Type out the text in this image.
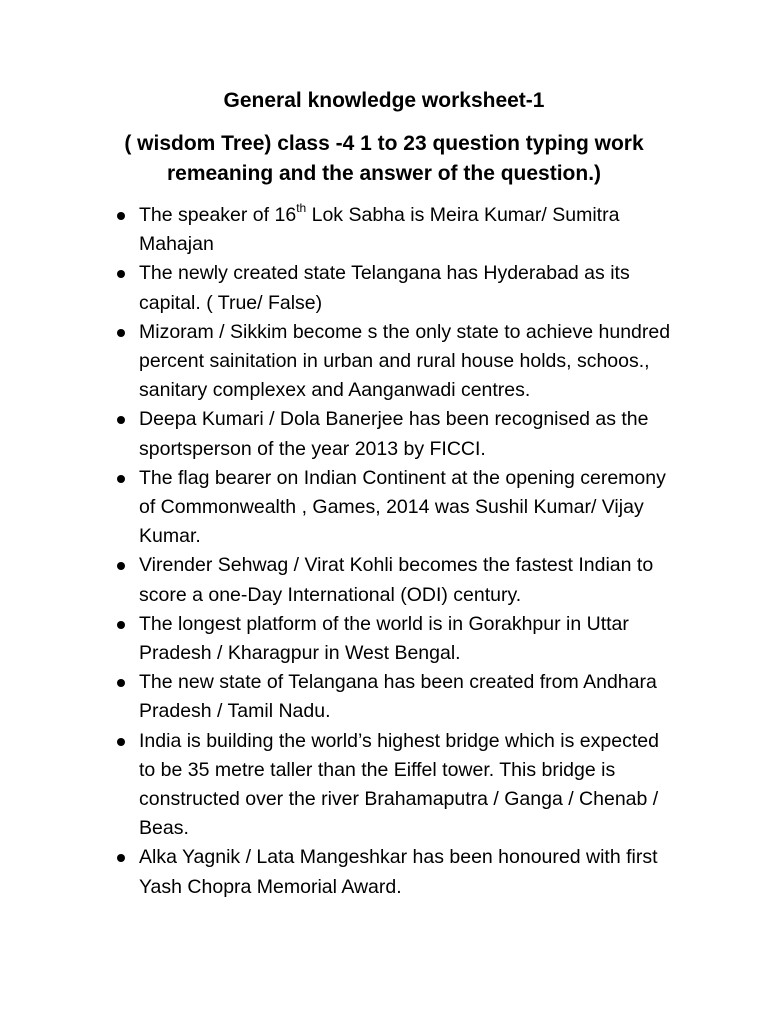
General knowledge worksheet-1
( wisdom Tree) class -4 1 to 23 question typing work
remeaning and the answer of the question.)
The speaker of 16th Lok Sabha is Meira Kumar/ Sumitra Mahajan
The newly created state Telangana has Hyderabad as its capital. ( True/ False)
Mizoram / Sikkim become s the only state to achieve hundred percent sainitation in urban and rural house holds, schoos., sanitary complexex and Aanganwadi centres.
Deepa Kumari / Dola Banerjee has been recognised as the sportsperson of the year 2013 by FICCI.
The flag bearer on Indian Continent at the opening ceremony of Commonwealth , Games, 2014 was Sushil Kumar/ Vijay Kumar.
Virender Sehwag / Virat Kohli becomes the fastest Indian to score a one-Day International (ODI) century.
The longest platform of the world is in Gorakhpur in Uttar Pradesh / Kharagpur in West Bengal.
The new state of Telangana has been created from Andhara Pradesh / Tamil Nadu.
India is building the world’s highest bridge which is expected to be 35 metre taller than the Eiffel tower. This bridge is constructed over the river Brahamaputra / Ganga / Chenab / Beas.
Alka Yagnik / Lata Mangeshkar has been honoured with first Yash Chopra Memorial Award.
